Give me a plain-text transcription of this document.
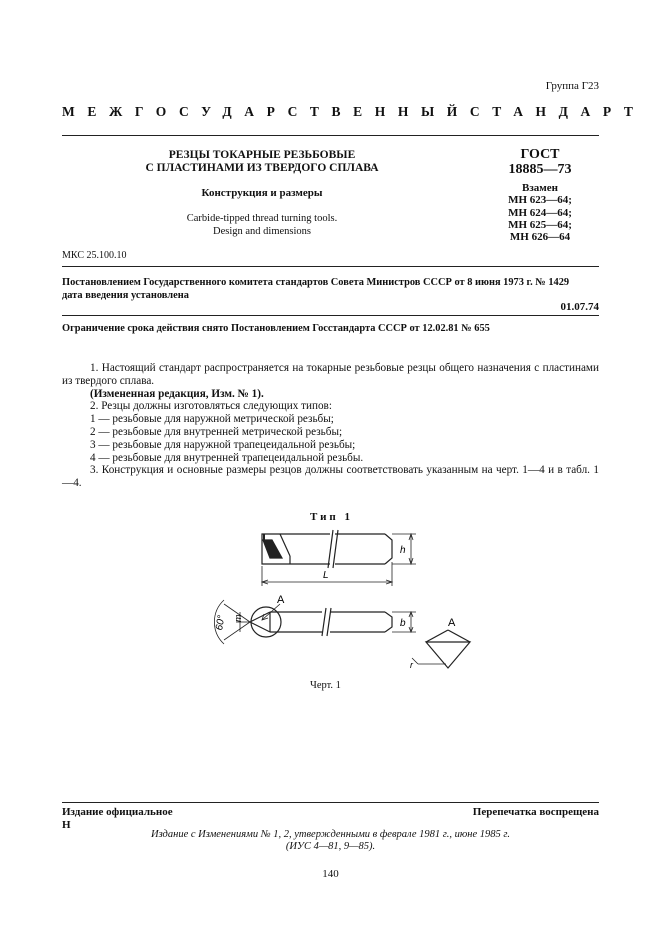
Группа Г23
МЕЖГОСУДАРСТВЕННЫЙ СТАНДАРТ
РЕЗЦЫ ТОКАРНЫЕ РЕЗЬБОВЫЕ
С ПЛАСТИНАМИ ИЗ ТВЕРДОГО СПЛАВА
Конструкция и размеры
Carbide-tipped thread turning tools.
Design and dimensions
ГОСТ
18885—73
Взамен
МН 623—64;
МН 624—64;
МН 625—64;
МН 626—64
МКС 25.100.10
Постановлением Государственного комитета стандартов Совета Министров СССР от 8 июня 1973 г. № 1429
дата введения установлена
01.07.74
Ограничение срока действия снято Постановлением Госстандарта СССР от 12.02.81 № 655

1. Настоящий стандарт распространяется на токарные резьбовые резцы общего назначения с пластинами из твердого сплава.

(Измененная редакция, Изм. № 1).

2. Резцы должны изготовляться следующих типов:

1 — резьбовые для наружной метрической резьбы;

2 — резьбовые для внутренней метрической резьбы;

3 — резьбовые для наружной трапецеидальной резьбы;

4 — резьбовые для внутренней трапецеидальной резьбы.

3. Конструкция и основные размеры резцов должны соответствовать указанным на черт. 1—4 и в табл. 1—4.

Тип 1
h
L
60° m
A
b	A
r
Черт. 1
Издание официальное
Н
Перепечатка воспрещена
Издание с Изменениями № 1, 2, утвержденными в феврале 1981 г., июне 1985 г.
(ИУС 4—81, 9—85).
140
